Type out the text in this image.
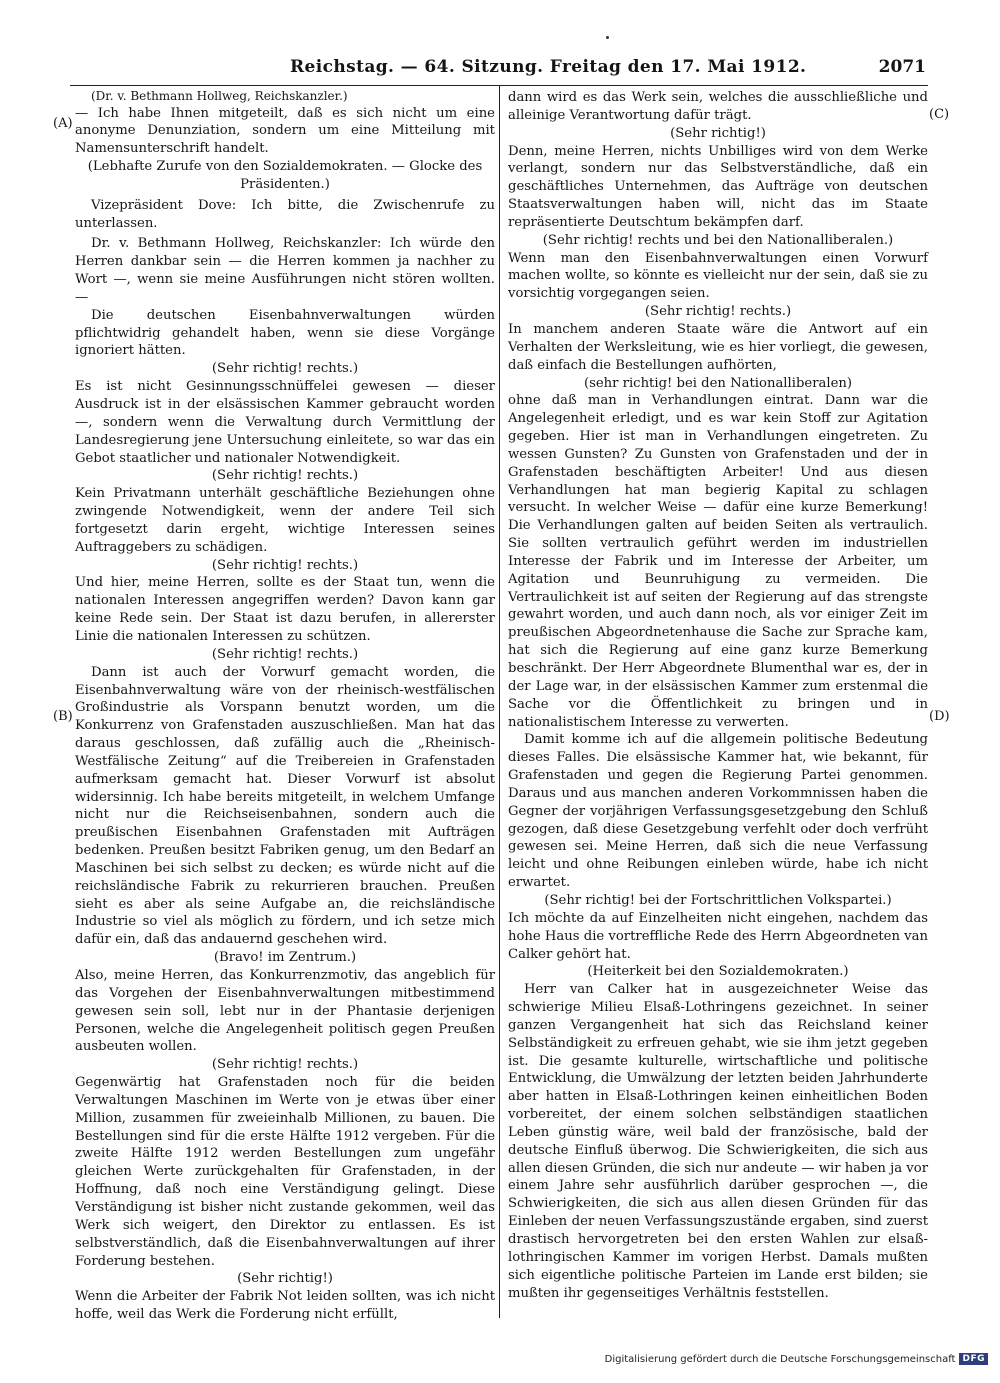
Reichstag. — 64. Sitzung. Freitag den 17. Mai 1912.	2071
(A)
(B)
(C)
(D)

(Dr. v. Bethmann Hollweg, Reichskanzler.)

— Ich habe Ihnen mitgeteilt, daß es sich nicht um eine anonyme Denunziation, sondern um eine Mitteilung mit Namensunterschrift handelt.

(Lebhafte Zurufe von den Sozialdemokraten. — Glocke des Präsidenten.)

Vizepräsident Dove: Ich bitte, die Zwischenrufe zu unterlassen.

Dr. v. Bethmann Hollweg, Reichskanzler: Ich würde den Herren dankbar sein — die Herren kommen ja nachher zu Wort —, wenn sie meine Ausführungen nicht stören wollten. —

Die deutschen Eisenbahnverwaltungen würden pflichtwidrig gehandelt haben, wenn sie diese Vorgänge ignoriert hätten.

(Sehr richtig! rechts.)

Es ist nicht Gesinnungsschnüffelei gewesen — dieser Ausdruck ist in der elsässischen Kammer gebraucht worden —, sondern wenn die Verwaltung durch Vermittlung der Landesregierung jene Untersuchung einleitete, so war das ein Gebot staatlicher und nationaler Notwendigkeit.

(Sehr richtig! rechts.)

Kein Privatmann unterhält geschäftliche Beziehungen ohne zwingende Notwendigkeit, wenn der andere Teil sich fortgesetzt darin ergeht, wichtige Interessen seines Auftraggebers zu schädigen.

(Sehr richtig! rechts.)

Und hier, meine Herren, sollte es der Staat tun, wenn die nationalen Interessen angegriffen werden? Davon kann gar keine Rede sein. Der Staat ist dazu berufen, in allererster Linie die nationalen Interessen zu schützen.

(Sehr richtig! rechts.)

Dann ist auch der Vorwurf gemacht worden, die Eisenbahnverwaltung wäre von der rheinisch-westfälischen Großindustrie als Vorspann benutzt worden, um die Konkurrenz von Grafenstaden auszuschließen. Man hat das daraus geschlossen, daß zufällig auch die „Rheinisch-Westfälische Zeitung“ auf die Treibereien in Grafenstaden aufmerksam gemacht hat. Dieser Vorwurf ist absolut widersinnig. Ich habe bereits mitgeteilt, in welchem Umfange nicht nur die Reichseisenbahnen, sondern auch die preußischen Eisenbahnen Grafenstaden mit Aufträgen bedenken. Preußen besitzt Fabriken genug, um den Bedarf an Maschinen bei sich selbst zu decken; es würde nicht auf die reichsländische Fabrik zu rekurrieren brauchen. Preußen sieht es aber als seine Aufgabe an, die reichsländische Industrie so viel als möglich zu fördern, und ich setze mich dafür ein, daß das andauernd geschehen wird.

(Bravo! im Zentrum.)

Also, meine Herren, das Konkurrenzmotiv, das angeblich für das Vorgehen der Eisenbahnverwaltungen mitbestimmend gewesen sein soll, lebt nur in der Phantasie derjenigen Personen, welche die Angelegenheit politisch gegen Preußen ausbeuten wollen.

(Sehr richtig! rechts.)

Gegenwärtig hat Grafenstaden noch für die beiden Verwaltungen Maschinen im Werte von je etwas über einer Million, zusammen für zweieinhalb Millionen, zu bauen. Die Bestellungen sind für die erste Hälfte 1912 vergeben. Für die zweite Hälfte 1912 werden Bestellungen zum ungefähr gleichen Werte zurückgehalten für Grafenstaden, in der Hoffnung, daß noch eine Verständigung gelingt. Diese Verständigung ist bisher nicht zustande gekommen, weil das Werk sich weigert, den Direktor zu entlassen. Es ist selbstverständlich, daß die Eisenbahnverwaltungen auf ihrer Forderung bestehen.

(Sehr richtig!)

Wenn die Arbeiter der Fabrik Not leiden sollten, was ich nicht hoffe, weil das Werk die Forderung nicht erfüllt,

dann wird es das Werk sein, welches die ausschließliche und alleinige Verantwortung dafür trägt.

(Sehr richtig!)

Denn, meine Herren, nichts Unbilliges wird von dem Werke verlangt, sondern nur das Selbstverständliche, daß ein geschäftliches Unternehmen, das Aufträge von deutschen Staatsverwaltungen haben will, nicht das im Staate repräsentierte Deutschtum bekämpfen darf.

(Sehr richtig! rechts und bei den Nationalliberalen.)

Wenn man den Eisenbahnverwaltungen einen Vorwurf machen wollte, so könnte es vielleicht nur der sein, daß sie zu vorsichtig vorgegangen seien.

(Sehr richtig! rechts.)

In manchem anderen Staate wäre die Antwort auf ein Verhalten der Werksleitung, wie es hier vorliegt, die gewesen, daß einfach die Bestellungen aufhörten,

(sehr richtig! bei den Nationalliberalen)

ohne daß man in Verhandlungen eintrat. Dann war die Angelegenheit erledigt, und es war kein Stoff zur Agitation gegeben. Hier ist man in Verhandlungen eingetreten. Zu wessen Gunsten? Zu Gunsten von Grafenstaden und der in Grafenstaden beschäftigten Arbeiter! Und aus diesen Verhandlungen hat man begierig Kapital zu schlagen versucht. In welcher Weise — dafür eine kurze Bemerkung! Die Verhandlungen galten auf beiden Seiten als vertraulich. Sie sollten vertraulich geführt werden im industriellen Interesse der Fabrik und im Interesse der Arbeiter, um Agitation und Beunruhigung zu vermeiden. Die Vertraulichkeit ist auf seiten der Regierung auf das strengste gewahrt worden, und auch dann noch, als vor einiger Zeit im preußischen Abgeordnetenhause die Sache zur Sprache kam, hat sich die Regierung auf eine ganz kurze Bemerkung beschränkt. Der Herr Abgeordnete Blumenthal war es, der in der Lage war, in der elsässischen Kammer zum erstenmal die Sache vor die Öffentlichkeit zu bringen und in nationalistischem Interesse zu verwerten.

Damit komme ich auf die allgemein politische Bedeutung dieses Falles. Die elsässische Kammer hat, wie bekannt, für Grafenstaden und gegen die Regierung Partei genommen. Daraus und aus manchen anderen Vorkommnissen haben die Gegner der vorjährigen Verfassungsgesetzgebung den Schluß gezogen, daß diese Gesetzgebung verfehlt oder doch verfrüht gewesen sei. Meine Herren, daß sich die neue Verfassung leicht und ohne Reibungen einleben würde, habe ich nicht erwartet.

(Sehr richtig! bei der Fortschrittlichen Volkspartei.)

Ich möchte da auf Einzelheiten nicht eingehen, nachdem das hohe Haus die vortreffliche Rede des Herrn Abgeordneten van Calker gehört hat.

(Heiterkeit bei den Sozialdemokraten.)

Herr van Calker hat in ausgezeichneter Weise das schwierige Milieu Elsaß-Lothringens gezeichnet. In seiner ganzen Vergangenheit hat sich das Reichsland keiner Selbständigkeit zu erfreuen gehabt, wie sie ihm jetzt gegeben ist. Die gesamte kulturelle, wirtschaftliche und politische Entwicklung, die Umwälzung der letzten beiden Jahrhunderte aber hatten in Elsaß-Lothringen keinen einheitlichen Boden vorbereitet, der einem solchen selbständigen staatlichen Leben günstig wäre, weil bald der französische, bald der deutsche Einfluß überwog. Die Schwierigkeiten, die sich aus allen diesen Gründen, die sich nur andeute — wir haben ja vor einem Jahre sehr ausführlich darüber gesprochen —, die Schwierigkeiten, die sich aus allen diesen Gründen für das Einleben der neuen Verfassungszustände ergaben, sind zuerst drastisch hervorgetreten bei den ersten Wahlen zur elsaß-lothringischen Kammer im vorigen Herbst. Damals mußten sich eigentliche politische Parteien im Lande erst bilden; sie mußten ihr gegenseitiges Verhältnis feststellen.

Digitalisierung gefördert durch die Deutsche Forschungsgemeinschaft DFG
